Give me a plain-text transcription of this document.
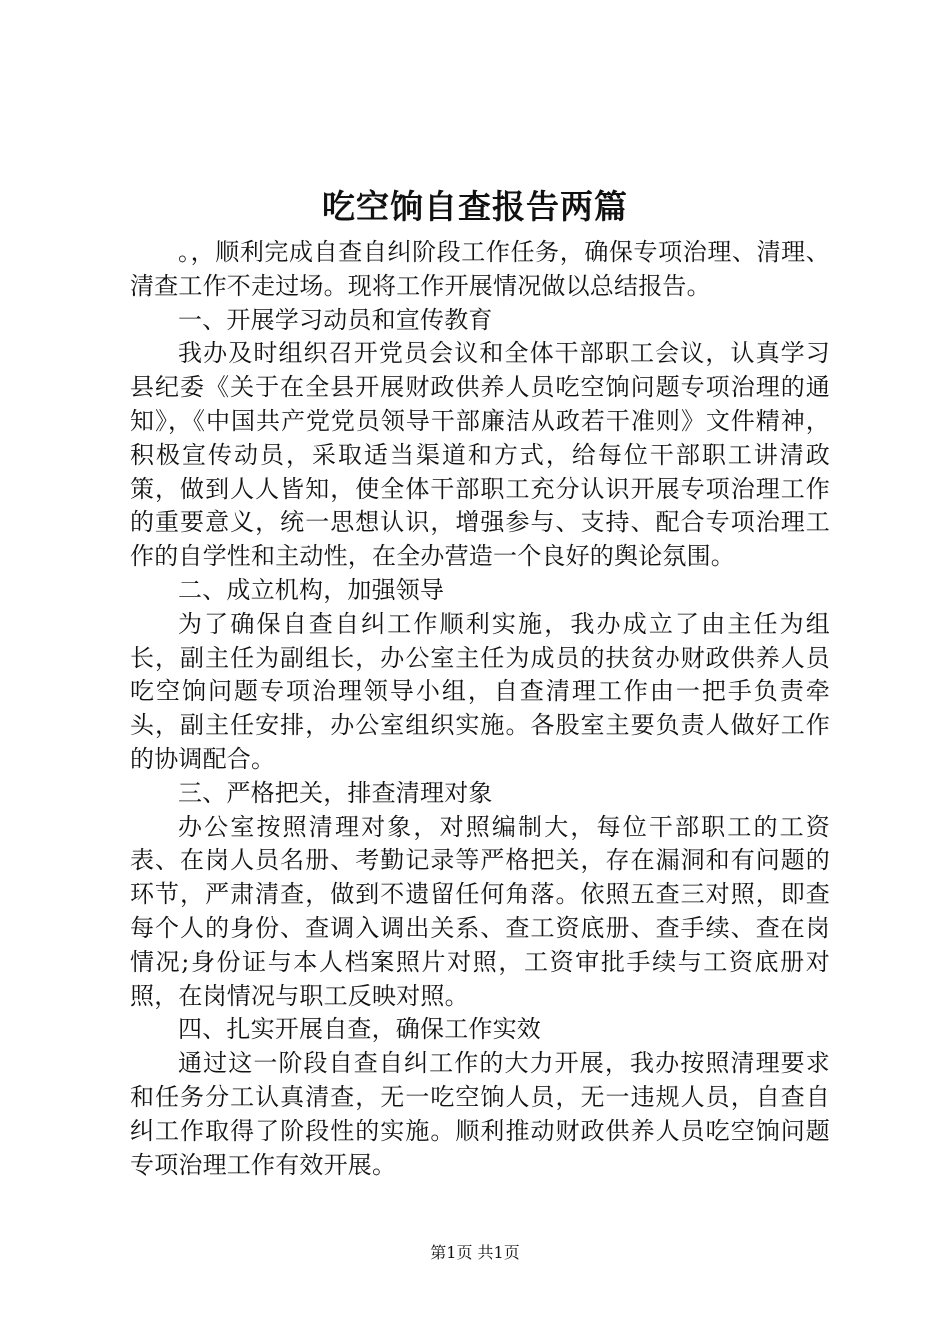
吃空饷自查报告两篇

。，顺利完成自查自纠阶段工作任务，确保专项治理、清理、清查工作不走过场。现将工作开展情况做以总结报告。

一、开展学习动员和宣传教育

我办及时组织召开党员会议和全体干部职工会议，认真学习县纪委《关于在全县开展财政供养人员吃空饷问题专项治理的通知》，《中国共产党党员领导干部廉洁从政若干准则》文件精神，积极宣传动员，采取适当渠道和方式，给每位干部职工讲清政策，做到人人皆知，使全体干部职工充分认识开展专项治理工作的重要意义，统一思想认识，增强参与、支持、配合专项治理工作的自学性和主动性，在全办营造一个良好的舆论氛围。

二、成立机构，加强领导

为了确保自查自纠工作顺利实施，我办成立了由主任为组长，副主任为副组长，办公室主任为成员的扶贫办财政供养人员吃空饷问题专项治理领导小组，自查清理工作由一把手负责牵头，副主任安排，办公室组织实施。各股室主要负责人做好工作的协调配合。

三、严格把关，排查清理对象

办公室按照清理对象，对照编制大，每位干部职工的工资表、在岗人员名册、考勤记录等严格把关，存在漏洞和有问题的环节，严肃清查，做到不遗留任何角落。依照五查三对照，即查每个人的身份、查调入调出关系、查工资底册、查手续、查在岗情况;身份证与本人档案照片对照，工资审批手续与工资底册对照，在岗情况与职工反映对照。

四、扎实开展自查，确保工作实效

通过这一阶段自查自纠工作的大力开展，我办按照清理要求和任务分工认真清查，无一吃空饷人员，无一违规人员，自查自纠工作取得了阶段性的实施。顺利推动财政供养人员吃空饷问题专项治理工作有效开展。

第1页 共1页
